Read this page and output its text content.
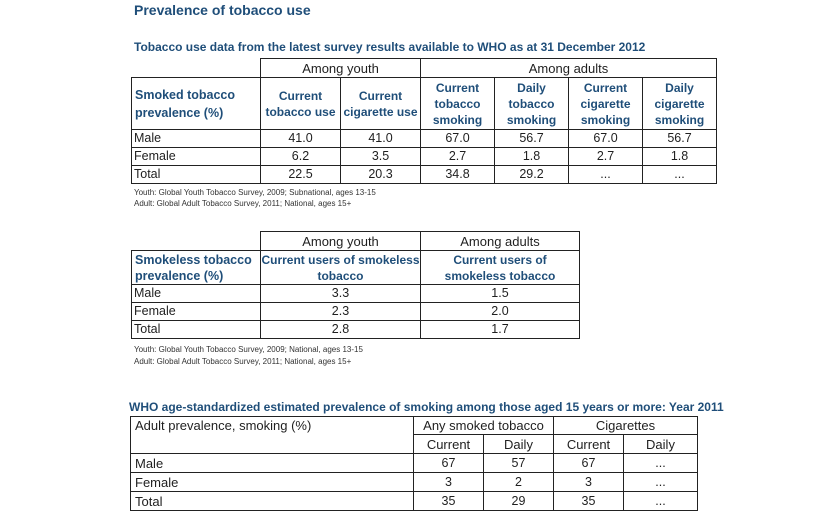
Prevalence of tobacco use
Tobacco use data from the latest survey results available to WHO as at 31 December 2012
	Among youth		Among adults			
Smoked tobacco prevalence (%)	Current tobacco use	Current cigarette use	Current tobacco smoking	Daily tobacco smoking	Current cigarette smoking	Daily cigarette smoking
Male	41.0	41.0	67.0	56.7	67.0	56.7
Female	6.2	3.5	2.7	1.8	2.7	1.8
Total	22.5	20.3	34.8	29.2	...	...
Youth: Global Youth Tobacco Survey, 2009; Subnational, ages 13-15
Adult: Global Adult Tobacco Survey, 2011; National, ages 15+
	Among youth	Among adults
Smokeless tobacco prevalence (%)	Current users of smokeless tobacco	Current users of smokeless tobacco
Male	3.3	1.5
Female	2.3	2.0
Total	2.8	1.7
Youth: Global Youth Tobacco Survey, 2009; National, ages 13-15
Adult: Global Adult Tobacco Survey, 2011; National, ages 15+
WHO age-standardized estimated prevalence of smoking among those aged 15 years or more: Year 2011
Adult prevalence, smoking (%)	Any smoked tobacco		Cigarettes	
	Current	Daily	Current	Daily
Male	67	57	67	...
Female	3	2	3	...
Total	35	29	35	...
